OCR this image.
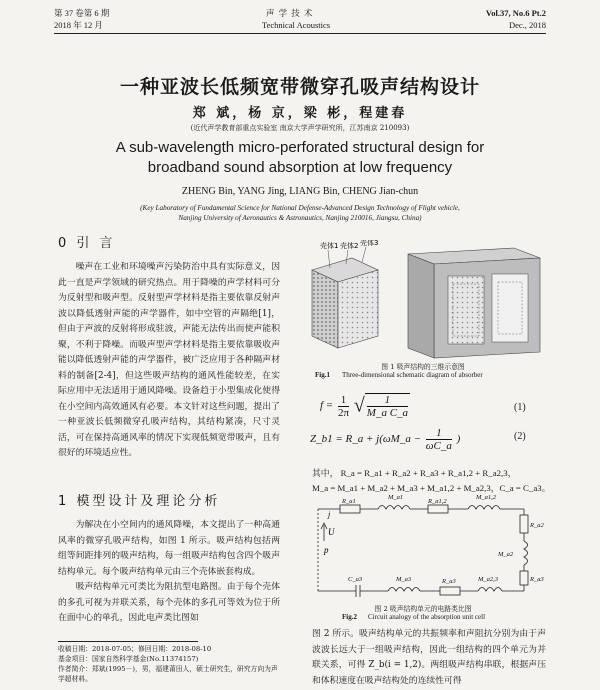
第 37 卷第 6 期
2018 年 12 月
声 学 技 术
Technical Acoustics
Vol.37, No.6 Pt.2
Dec., 2018
一种亚波长低频宽带微穿孔吸声结构设计
郑 斌，杨 京，梁 彬，程建春
(近代声学教育部重点实验室 南京大学声学研究所，江苏南京 210093)
A sub-wavelength micro-perforated structural design for
broadband sound absorption at low frequency
ZHENG Bin, YANG Jing, LIANG Bin, CHENG Jian-chun
(Key Laboratory of Fundamental Science for National Defense-Advanced Design Technology of Flight vehicle,
Nanjing University of Aeronautics & Astronautics, Nanjing 210016, Jiangsu, China)
0 引 言

噪声在工业和环境噪声污染防治中具有实际意义，因此一直是声学领域的研究热点。用于降噪的声学材料可分为反射型和吸声型。反射型声学材料是指主要依靠反射声波以降低透射声能的声学器件，如中空管的声隔绝[1]，但由于声波的反射将形成驻波，声能无法传出而使声能积聚，不利于降噪。而吸声型声学材料是指主要依靠吸收声能以降低透射声能的声学器件，被广泛应用于各种隔声材料的制备[2-4]，但这些吸声结构的通风性能较差，在实际应用中无法适用于通风降噪。设备趋于小型集成化使得在小空间内高效通风有必要。本文针对这些问题，提出了一种亚波长低频微穿孔吸声结构，其结构紧凑，尺寸灵活，可在保持高通风率的情况下实现低频宽带吸声，且有很好的环境适应性。

1 模型设计及理论分析

为解决在小空间内的通风降噪，本文提出了一种高通风率的微穿孔吸声结构，如图 1 所示。吸声结构包括两组等间距排列的吸声结构，每一组吸声结构包含四个吸声结构单元。每个吸声结构单元由三个壳体嵌套构成。

吸声结构单元可类比为阻抗型电路图。由于每个壳体的多孔可视为并联关系，每个壳体的多孔可等效为位于所在面中心的单孔，因此电声类比图如

收稿日期：2018-07-05；修回日期：2018-08-10
基金项目：国家自然科学基金(No.11374157)
作者简介：郑斌(1995－)，男，福建莆田人，硕士研究生，研究方向为声学超材料。
壳体1 壳体2 壳体3
图 1 吸声结构的三维示意图
Fig.1 Three-dimensional schematic diagram of absorber
$f = \frac{1}{2\pi}$ √ $\frac{1}{\text{M\_a C\_a}}$	(1)
Z_b1 = R_a + j(ωM_a − $\frac{1}{\omega C\_a}$ )	(2)
其中， R_a = R_a1 + R_a2 + R_a3 + R_a1,2 + R_a2,3，
M_a = M_a1 + M_a2 + M_a3 + M_a1,2 + M_a2,3，C_a = C_a3。
U
j
p
R_a1
M_a1
R_a1,2
M_a1,2
R_a2
M_a2
R_a3
C_a3	M_a3	R_a3	M_a2,3
图 2 吸声结构单元的电路类比图
Fig.2 Circuit analogy of the absorption unit cell

图 2 所示。吸声结构单元的共振频率和声阻抗分别为由于声波波长远大于一组吸声结构，因此一组结构的四个单元为并联关系，可得 Z_b(i = 1,2)。两组吸声结构串联，根据声压和体积速度在吸声结构处的连续性可得
